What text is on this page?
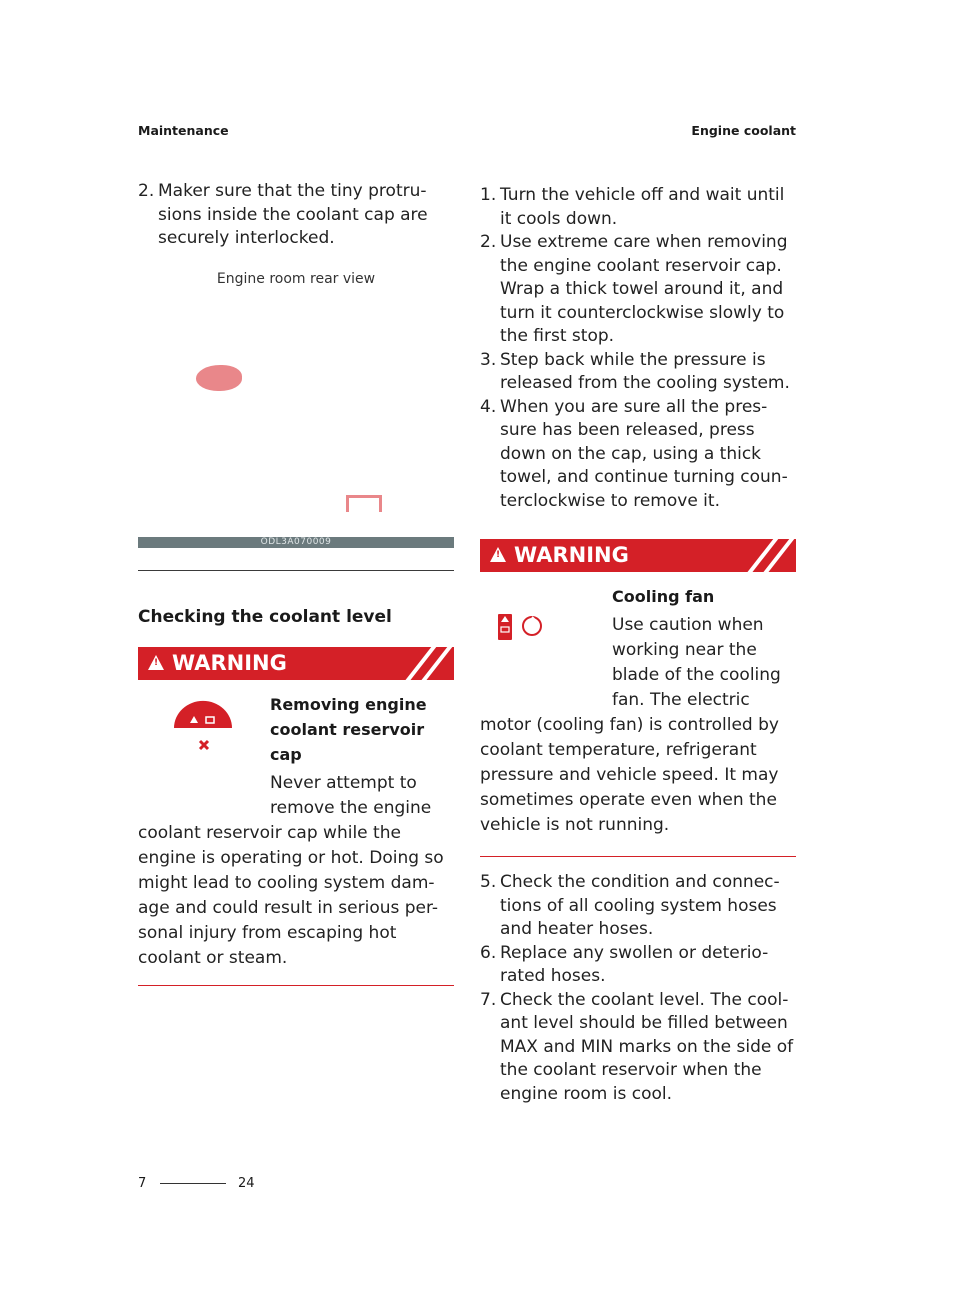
Maintenance	Engine coolant
2. Maker sure that the tiny protru-sions inside the coolant cap are securely interlocked.
Engine room rear view
ODL3A070009
Checking the coolant level
!
WARNING
Removing engine coolant reservoir cap
Never attempt to remove the engine
coolant reservoir cap while the engine is operating or hot. Doing so might lead to cooling system dam-age and could result in serious per-sonal injury from escaping hot coolant or steam.
1. Turn the vehicle off and wait until it cools down.
2. Use extreme care when removing the engine coolant reservoir cap. Wrap a thick towel around it, and turn it counterclockwise slowly to the first stop.
3. Step back while the pressure is released from the cooling system.
4. When you are sure all the pres-sure has been released, press down on the cap, using a thick towel, and continue turning coun-terclockwise to remove it.
!
WARNING
Cooling fan
Use caution when working near the blade of the cooling fan. The electric
motor (cooling fan) is controlled by coolant temperature, refrigerant pressure and vehicle speed. It may sometimes operate even when the vehicle is not running.
5. Check the condition and connec-tions of all cooling system hoses and heater hoses.
6. Replace any swollen or deterio-rated hoses.
7. Check the coolant level. The cool-ant level should be filled between MAX and MIN marks on the side of the coolant reservoir when the engine room is cool.
7	24
